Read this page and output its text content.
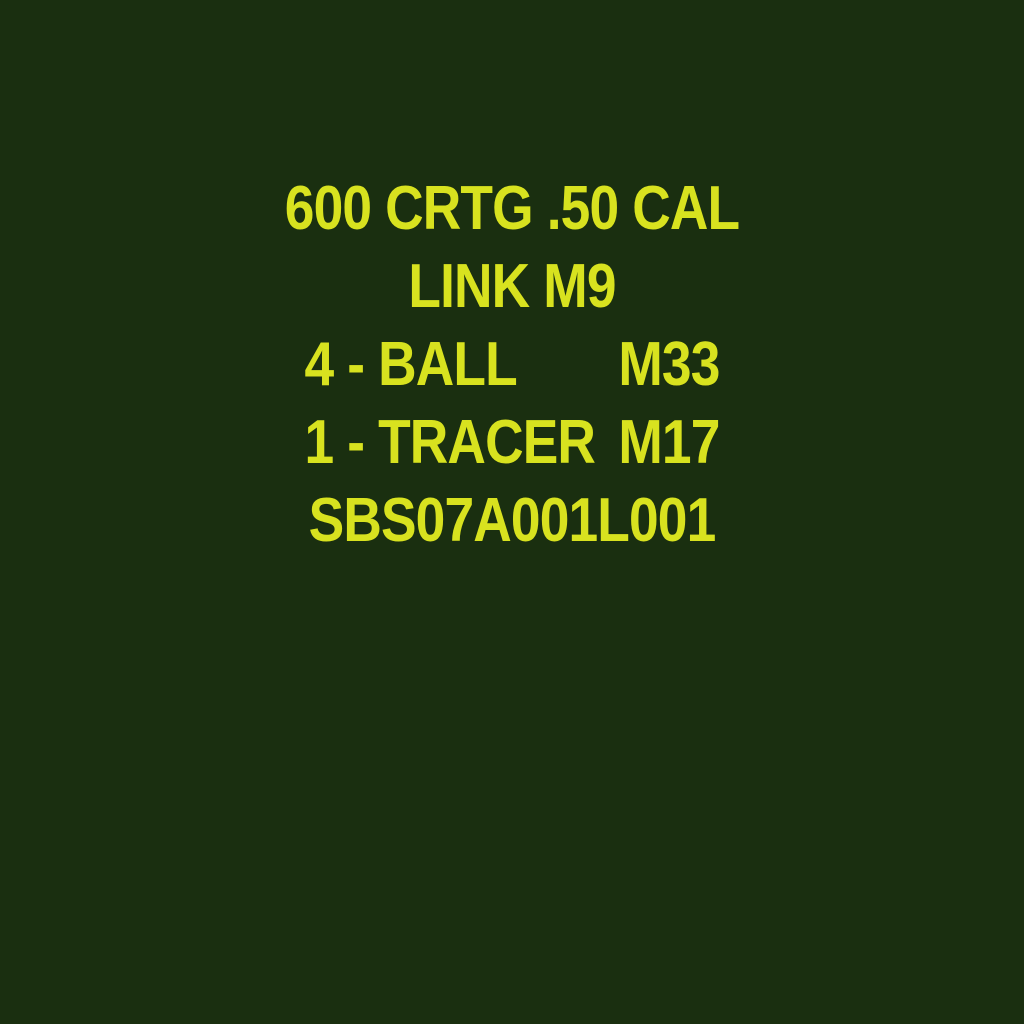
600 CRTG .50 CAL
LINK M9
4 - BALL	M33
1 - TRACER M17
SBS07A001L001
